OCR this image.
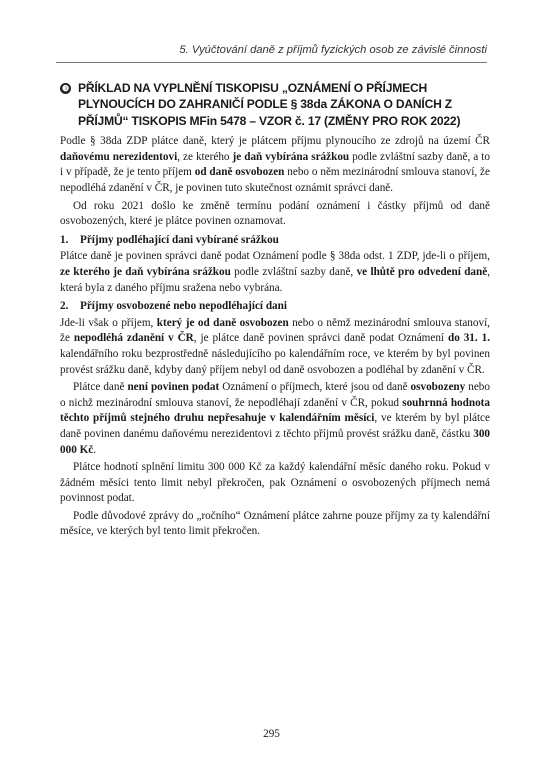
5. Vyúčtování daně z příjmů fyzických osob ze závislé činnosti
❸ PŘÍKLAD NA VYPLNĚNÍ TISKOPISU „OZNÁMENÍ O PŘÍJMECH PLYNOUCÍCH DO ZAHRANIČÍ PODLE § 38da ZÁKONA O DANÍCH Z PŘÍJMŮ“ TISKOPIS MFin 5478 – VZOR č. 17 (ZMĚNY PRO ROK 2022)

Podle § 38da ZDP plátce daně, který je plátcem příjmu plynoucího ze zdrojů na území ČR daňovému nerezidentovi, ze kterého je daň vybírána srážkou podle zvláštní sazby daně, a to i v případě, že je tento příjem od daně osvobozen nebo o něm mezinárodní smlouva stanoví, že nepodléhá zdanění v ČR, je povinen tuto skutečnost oznámit správci daně.

Od roku 2021 došlo ke změně termínu podání oznámení i částky příjmů od daně osvobozených, které je plátce povinen oznamovat.

1. Příjmy podléhající dani vybírané srážkou

Plátce daně je povinen správci daně podat Oznámení podle § 38da odst. 1 ZDP, jde-li o příjem, ze kterého je daň vybírána srážkou podle zvláštní sazby daně, ve lhůtě pro odvedení daně, která byla z daného příjmu sražena nebo vybrána.

2. Příjmy osvobozené nebo nepodléhající dani

Jde-li však o příjem, který je od daně osvobozen nebo o němž mezinárodní smlouva stanoví, že nepodléhá zdanění v ČR, je plátce daně povinen správci daně podat Oznámení do 31. 1. kalendářního roku bezprostředně následujícího po kalendářním roce, ve kterém by byl povinen provést srážku daně, kdyby daný příjem nebyl od daně osvobozen a podléhal by zdanění v ČR.

Plátce daně není povinen podat Oznámení o příjmech, které jsou od daně osvobozeny nebo o nichž mezinárodní smlouva stanoví, že nepodléhají zdanění v ČR, pokud souhrnná hodnota těchto příjmů stejného druhu nepřesahuje v kalendářním měsíci, ve kterém by byl plátce daně povinen danému daňovému nerezidentovi z těchto příjmů provést srážku daně, částku 300 000 Kč.

Plátce hodnotí splnění limitu 300 000 Kč za každý kalendářní měsíc daného roku. Pokud v žádném měsíci tento limit nebyl překročen, pak Oznámení o osvobozených příjmech nemá povinnost podat.

Podle důvodové zprávy do „ročního“ Oznámení plátce zahrne pouze příjmy za ty kalendářní měsíce, ve kterých byl tento limit překročen.

295
